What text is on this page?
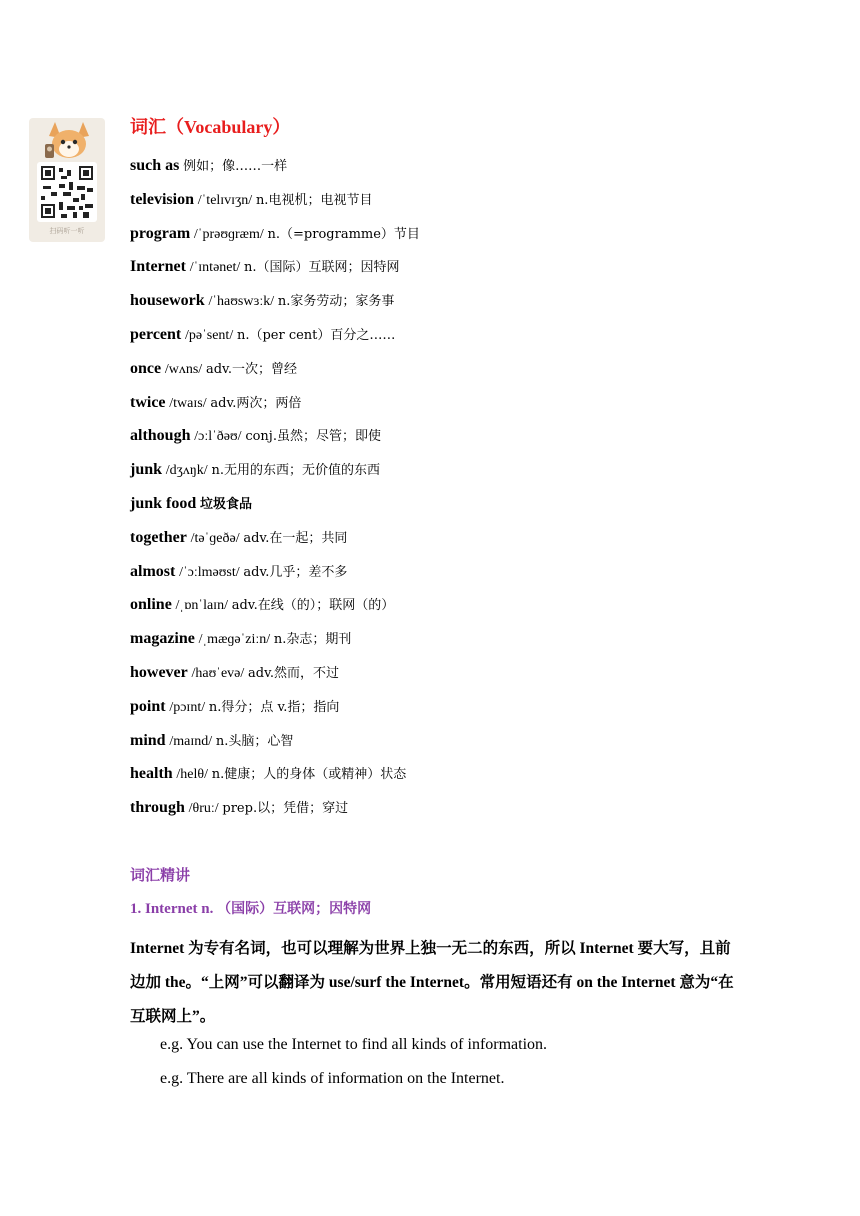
扫码听一听
词汇（Vocabulary）
such as 例如；像……一样
television /ˈtelɪvɪʒn/ n.电视机；电视节目
program /ˈprəʊɡræm/ n.（=programme）节目
Internet /ˈɪntənet/ n.（国际）互联网；因特网
housework /ˈhaʊswɜːk/ n.家务劳动；家务事
percent /pəˈsent/ n.（per cent）百分之……
once /wʌns/ adv.一次；曾经
twice /twaɪs/ adv.两次；两倍
although /ɔːlˈðəʊ/ conj.虽然；尽管；即使
junk /dʒʌŋk/ n.无用的东西；无价值的东西
junk food 垃圾食品
together /təˈɡeðə/ adv.在一起；共同
almost /ˈɔːlməʊst/ adv.几乎；差不多
online /ˌɒnˈlaɪn/ adv.在线（的）；联网（的）
magazine /ˌmæɡəˈziːn/ n.杂志；期刊
however /haʊˈevə/ adv.然而，不过
point /pɔɪnt/ n.得分；点 v.指；指向
mind /maɪnd/ n.头脑；心智
health /helθ/ n.健康；人的身体（或精神）状态
through /θruː/ prep.以；凭借；穿过
词汇精讲
1. Internet n. （国际）互联网；因特网
Internet 为专有名词，也可以理解为世界上独一无二的东西，所以 Internet 要大写，且前边加 the。“上网”可以翻译为 use/surf the Internet。常用短语还有 on the Internet 意为“在互联网上”。
e.g. You can use the Internet to find all kinds of information.
e.g. There are all kinds of information on the Internet.
